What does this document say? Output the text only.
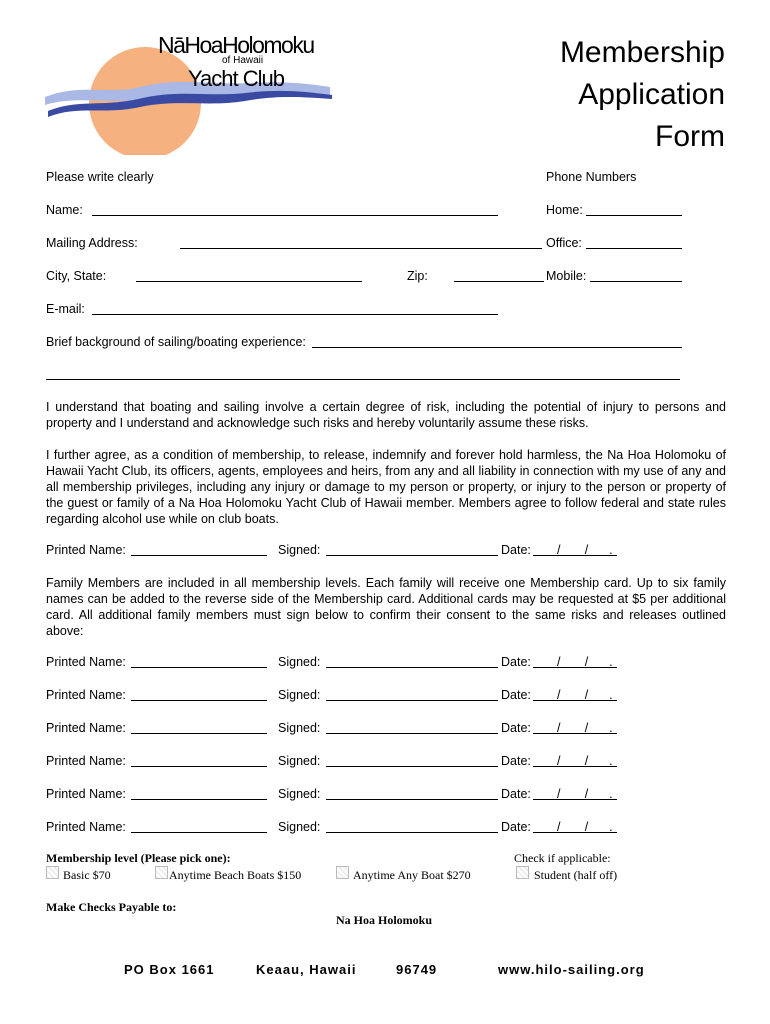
NāHoaHolomoku
of Hawaii
Yacht Club
Membership
Application
Form
Please write clearly	Phone Numbers
Name:	Home:
Mailing Address:	Office:
City, State:	Zip:	Mobile:
E-mail:
Brief background of sailing/boating experience:
I understand that boating and sailing involve a certain degree of risk, including the potential of injury to persons and property and I understand and acknowledge such risks and hereby voluntarily assume these risks.
I further agree, as a condition of membership, to release, indemnify and forever hold harmless, the Na Hoa Holomoku of Hawaii Yacht Club, its officers, agents, employees and heirs, from any and all liability in connection with my use of any and all membership privileges, including any injury or damage to my person or property, or injury to the person or property of the guest or family of a Na Hoa Holomoku Yacht Club of Hawaii member. Members agree to follow federal and state rules regarding alcohol use while on club boats.
Printed Name:	Signed:	Date: /       /      .
Family Members are included in all membership levels. Each family will receive one Membership card. Up to six family names can be added to the reverse side of the Membership card. Additional cards may be requested at $5 per additional card. All additional family members must sign below to confirm their consent to the same risks and releases outlined above:
Printed Name:	Signed:	Date: /       /      .
Printed Name:	Signed:	Date: /       /      .
Printed Name:	Signed:	Date: /       /      .
Printed Name:	Signed:	Date: /       /      .
Printed Name:	Signed:	Date: /       /      .
Printed Name:	Signed:	Date: /       /      .
Membership level (Please pick one):	Check if applicable:
Basic $70	Anytime Beach Boats $150	Anytime Any Boat $270	Student (half off)
Make Checks Payable to:
Na Hoa Holomoku
PO Box 1661	Keaau, Hawaii	96749	www.hilo-sailing.org
